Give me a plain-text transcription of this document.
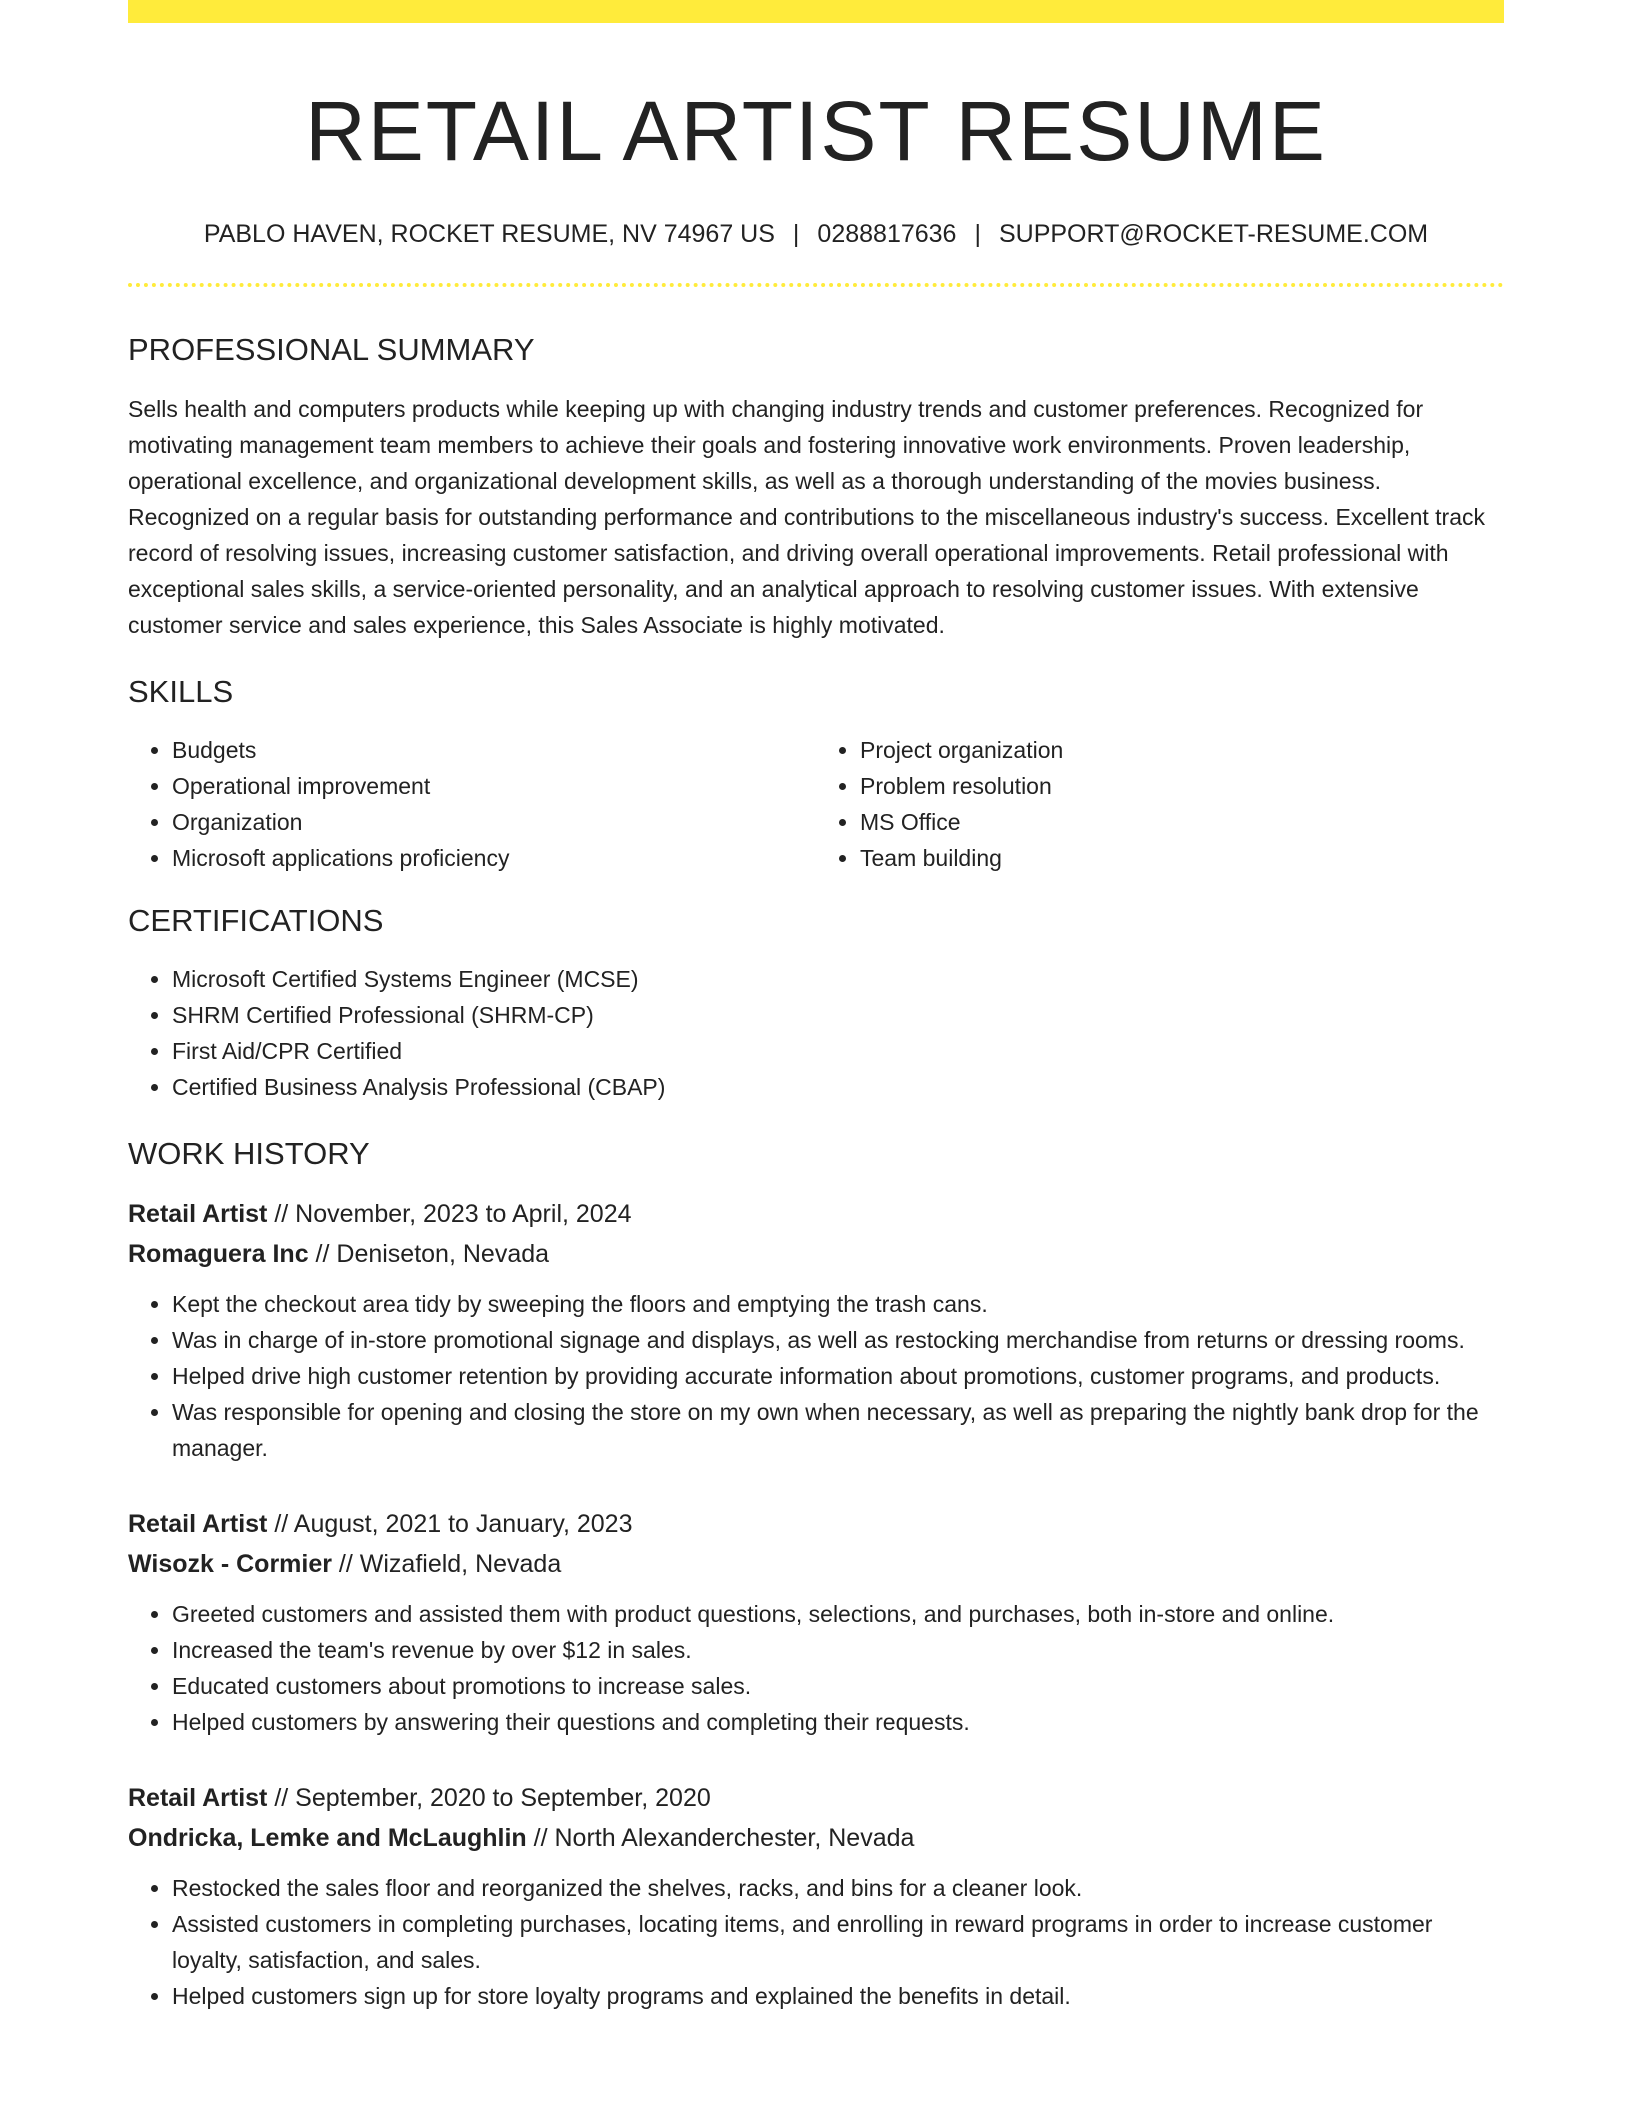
RETAIL ARTIST RESUME
PABLO HAVEN, ROCKET RESUME, NV 74967 US | 0288817636 | SUPPORT@ROCKET-RESUME.COM
PROFESSIONAL SUMMARY
Sells health and computers products while keeping up with changing industry trends and customer preferences. Recognized for motivating management team members to achieve their goals and fostering innovative work environments. Proven leadership, operational excellence, and organizational development skills, as well as a thorough understanding of the movies business. Recognized on a regular basis for outstanding performance and contributions to the miscellaneous industry's success. Excellent track record of resolving issues, increasing customer satisfaction, and driving overall operational improvements. Retail professional with exceptional sales skills, a service-oriented personality, and an analytical approach to resolving customer issues. With extensive customer service and sales experience, this Sales Associate is highly motivated.
SKILLS
• Budgets
• Operational improvement
• Organization
• Microsoft applications proficiency
• Project organization
• Problem resolution
• MS Office
• Team building
CERTIFICATIONS
• Microsoft Certified Systems Engineer (MCSE)
• SHRM Certified Professional (SHRM-CP)
• First Aid/CPR Certified
• Certified Business Analysis Professional (CBAP)
WORK HISTORY
Retail Artist // November, 2023 to April, 2024
Romaguera Inc // Deniseton, Nevada
• Kept the checkout area tidy by sweeping the floors and emptying the trash cans.
• Was in charge of in-store promotional signage and displays, as well as restocking merchandise from returns or dressing rooms.
• Helped drive high customer retention by providing accurate information about promotions, customer programs, and products.
• Was responsible for opening and closing the store on my own when necessary, as well as preparing the nightly bank drop for the manager.
Retail Artist // August, 2021 to January, 2023
Wisozk - Cormier // Wizafield, Nevada
• Greeted customers and assisted them with product questions, selections, and purchases, both in-store and online.
• Increased the team's revenue by over $12 in sales.
• Educated customers about promotions to increase sales.
• Helped customers by answering their questions and completing their requests.
Retail Artist // September, 2020 to September, 2020
Ondricka, Lemke and McLaughlin // North Alexanderchester, Nevada
• Restocked the sales floor and reorganized the shelves, racks, and bins for a cleaner look.
• Assisted customers in completing purchases, locating items, and enrolling in reward programs in order to increase customer loyalty, satisfaction, and sales.
• Helped customers sign up for store loyalty programs and explained the benefits in detail.
